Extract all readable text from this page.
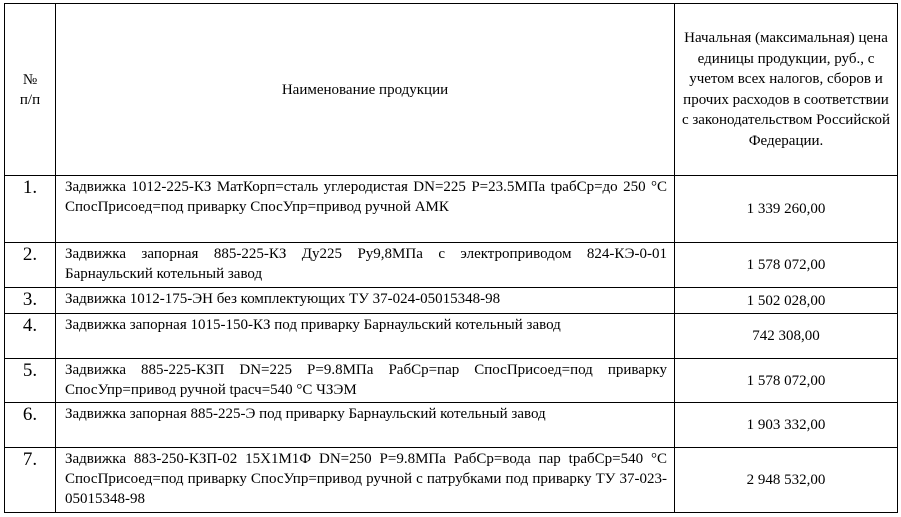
№
п/п	Наименование продукции	Начальная (максимальная) цена единицы продукции, руб., с учетом всех налогов, сборов и прочих расходов в соответствии с законодательством Российской Федерации.
1.	Задвижка 1012-225-КЗ МатКорп=сталь углеродистая DN=225 P=23.5МПа tрабСр=до 250 °C СпосПрисоед=под приварку СпосУпр=привод ручной АМК	1 339 260,00
2.	Задвижка запорная 885-225-КЗ Ду225 Ру9,8МПа с электроприводом 824-КЭ-0-01 Барнаульский котельный завод	1 578 072,00
3.	Задвижка 1012-175-ЭН без комплектующих ТУ 37-024-05015348-98	1 502 028,00
4.	Задвижка запорная 1015-150-КЗ под приварку Барнаульский котельный завод	742 308,00
5.	Задвижка 885-225-КЗП DN=225 P=9.8МПа РабСр=пар СпосПрисоед=под приварку СпосУпр=привод ручной tрасч=540 °C ЧЗЭМ	1 578 072,00
6.	Задвижка запорная 885-225-Э под приварку Барнаульский котельный завод	1 903 332,00
7.	Задвижка 883-250-КЗП-02 15Х1М1Ф DN=250 P=9.8МПа РабСр=вода пар tрабСр=540 °C СпосПрисоед=под приварку СпосУпр=привод ручной с патрубками под приварку ТУ 37-023-05015348-98	2 948 532,00
